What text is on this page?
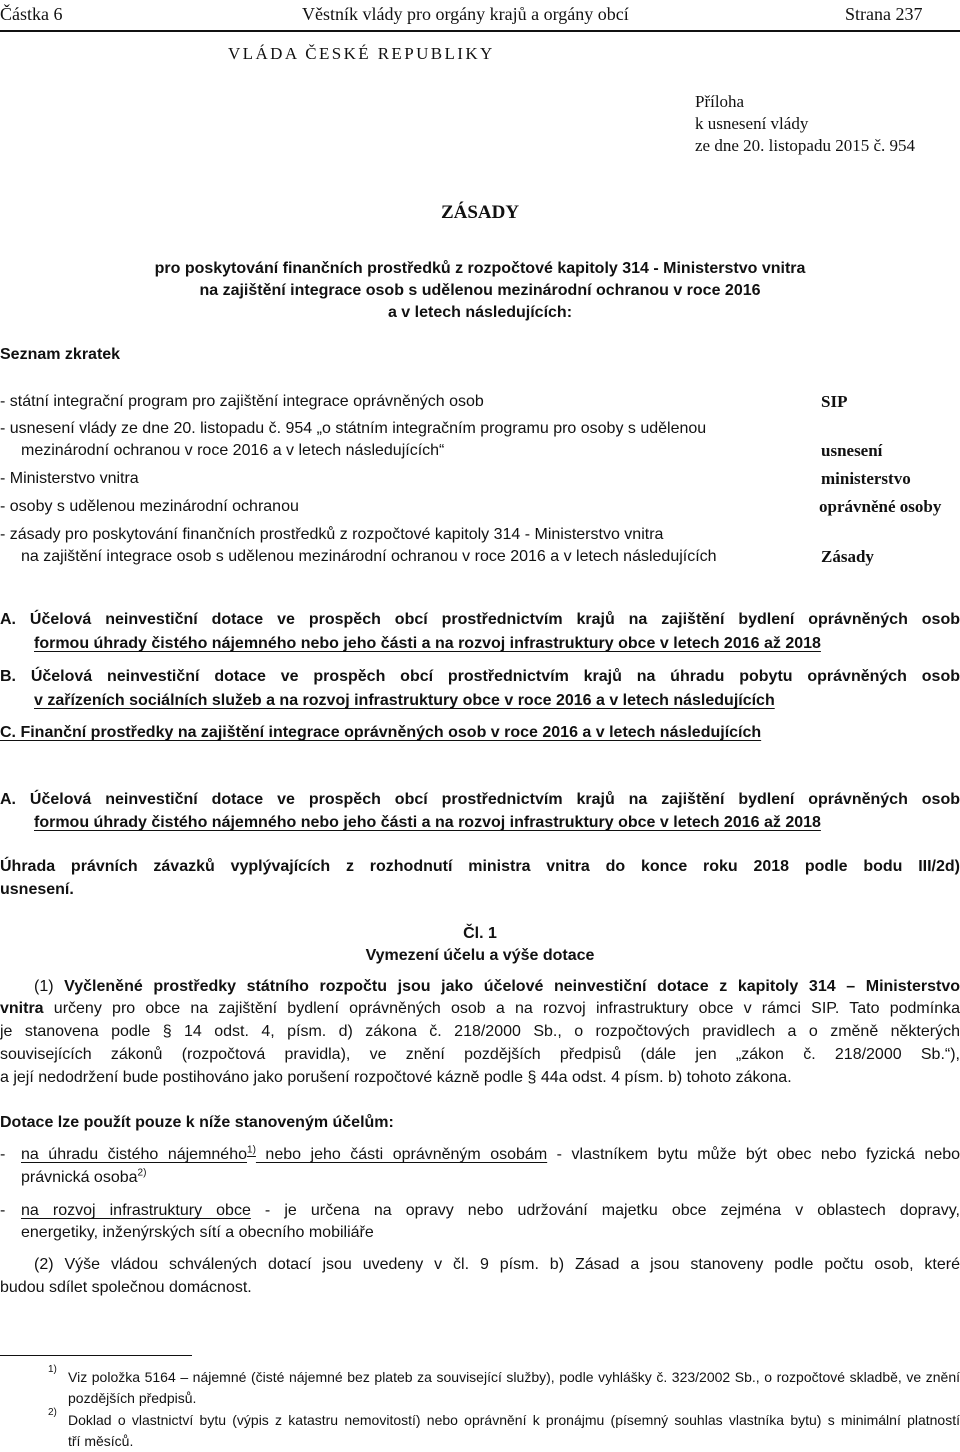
Částka 6	Věstník vlády pro orgány krajů a orgány obcí	Strana 237
VLÁDA ČESKÉ REPUBLIKY
Příloha
k usnesení vlády
ze dne 20. listopadu 2015 č. 954
ZÁSADY
pro poskytování finančních prostředků z rozpočtové kapitoly 314 - Ministerstvo vnitra
na zajištění integrace osob s udělenou mezinárodní ochranou v roce 2016
a v letech následujících:
Seznam zkratek
- státní integrační program pro zajištění integrace oprávněných osob	SIP
- usnesení vlády ze dne 20. listopadu č. 954 „o státním integračním programu pro osoby s udělenou
mezinárodní ochranou v roce 2016 a v letech následujících“	usnesení
- Ministerstvo vnitra	ministerstvo
- osoby s udělenou mezinárodní ochranou	oprávněné osoby
- zásady pro poskytování finančních prostředků z rozpočtové kapitoly 314 - Ministerstvo vnitra
na zajištění integrace osob s udělenou mezinárodní ochranou v roce 2016 a v letech následujících	Zásady
A. Účelová neinvestiční dotace ve prospěch obcí prostřednictvím krajů na zajištění bydlení oprávněných osob
formou úhrady čistého nájemného nebo jeho části a na rozvoj infrastruktury obce v letech 2016 až 2018
B. Účelová neinvestiční dotace ve prospěch obcí prostřednictvím krajů na úhradu pobytu oprávněných osob
v zařízeních sociálních služeb a na rozvoj infrastruktury obce v roce 2016 a v letech následujících
C. Finanční prostředky na zajištění integrace oprávněných osob v roce 2016 a v letech následujících
A. Účelová neinvestiční dotace ve prospěch obcí prostřednictvím krajů na zajištění bydlení oprávněných osob
formou úhrady čistého nájemného nebo jeho části a na rozvoj infrastruktury obce v letech 2016 až 2018
Úhrada právních závazků vyplývajících z rozhodnutí ministra vnitra do konce roku 2018 podle bodu III/2d)
usnesení.
Čl. 1
Vymezení účelu a výše dotace
(1) Vyčleněné prostředky státního rozpočtu jsou jako účelové neinvestiční dotace z kapitoly 314 – Ministerstvo
vnitra určeny pro obce na zajištění bydlení oprávněných osob a na rozvoj infrastruktury obce v rámci SIP. Tato podmínka
je stanovena podle § 14 odst. 4, písm. d) zákona č. 218/2000 Sb., o rozpočtových pravidlech a o změně některých
souvisejících zákonů (rozpočtová pravidla), ve znění pozdějších předpisů (dále jen „zákon č. 218/2000 Sb.“),
a její nedodržení bude postihováno jako porušení rozpočtové kázně podle § 44a odst. 4 písm. b) tohoto zákona.
Dotace lze použít pouze k níže stanoveným účelům:
- na úhradu čistého nájemného$^{1)}$ nebo jeho části oprávněným osobám - vlastníkem bytu může být obec nebo fyzická nebo
právnická osoba$^{2)}$
- na rozvoj infrastruktury obce - je určena na opravy nebo udržování majetku obce zejména v oblastech dopravy,
energetiky, inženýrských sítí a obecního mobiliáře
(2) Výše vládou schválených dotací jsou uvedeny v čl. 9 písm. b) Zásad a jsou stanoveny podle počtu osob, které
budou sdílet společnou domácnost.
1) Viz položka 5164 – nájemné (čisté nájemné bez plateb za související služby), podle vyhlášky č. 323/2002 Sb., o rozpočtové skladbě, ve znění
pozdějších předpisů.
2) Doklad o vlastnictví bytu (výpis z katastru nemovitostí) nebo oprávnění k pronájmu (písemný souhlas vlastníka bytu) s minimální platností
tří měsíců.
